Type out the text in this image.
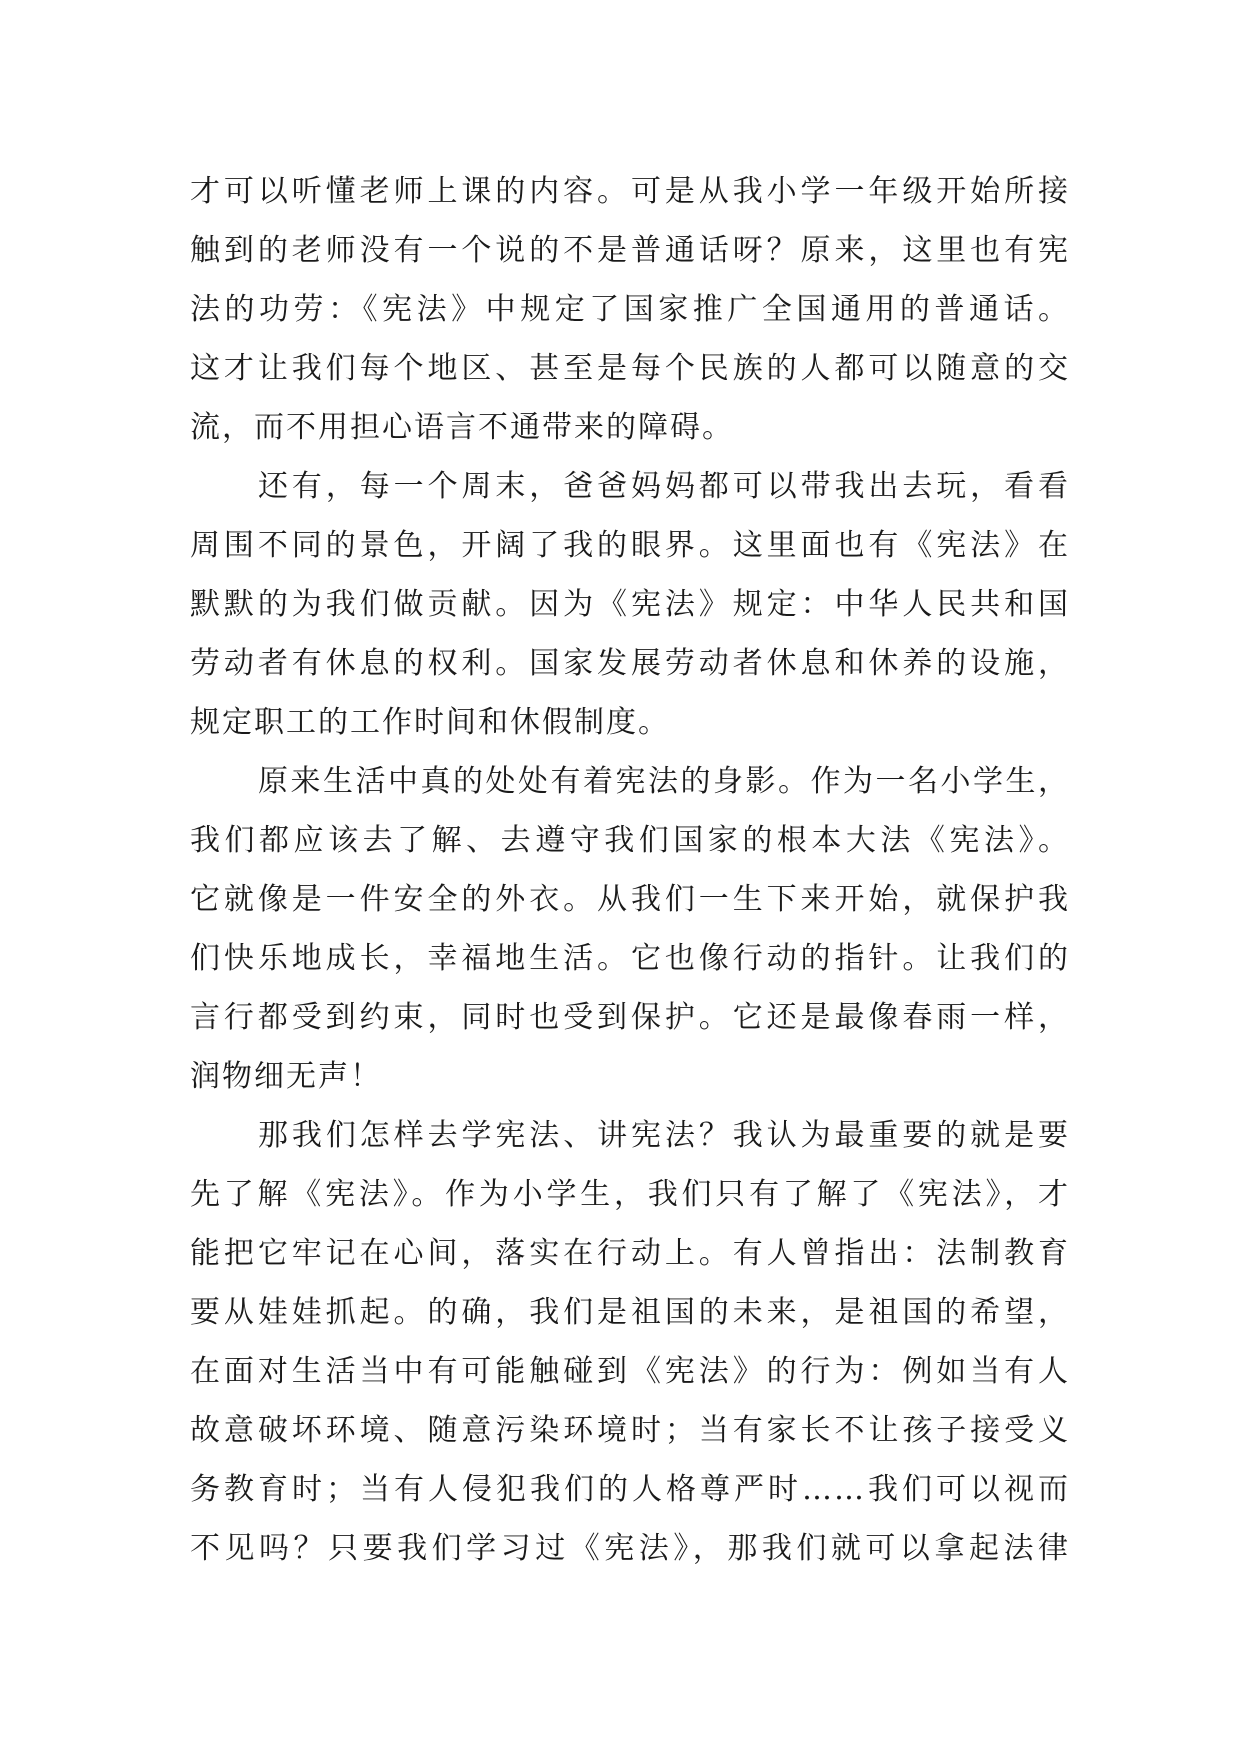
才可以听懂老师上课的内容。可是从我小学一年级开始所接
触到的老师没有一个说的不是普通话呀？原来，这里也有宪
法的功劳：《宪法》中规定了国家推广全国通用的普通话。
这才让我们每个地区、甚至是每个民族的人都可以随意的交
流，而不用担心语言不通带来的障碍。
还有，每一个周末，爸爸妈妈都可以带我出去玩，看看
周围不同的景色，开阔了我的眼界。这里面也有《宪法》在
默默的为我们做贡献。因为《宪法》规定：中华人民共和国
劳动者有休息的权利。国家发展劳动者休息和休养的设施，
规定职工的工作时间和休假制度。
原来生活中真的处处有着宪法的身影。作为一名小学生，
我们都应该去了解、去遵守我们国家的根本大法《宪法》。
它就像是一件安全的外衣。从我们一生下来开始，就保护我
们快乐地成长，幸福地生活。它也像行动的指针。让我们的
言行都受到约束，同时也受到保护。它还是最像春雨一样，
润物细无声！
那我们怎样去学宪法、讲宪法？我认为最重要的就是要
先了解《宪法》。作为小学生，我们只有了解了《宪法》，才
能把它牢记在心间，落实在行动上。有人曾指出：法制教育
要从娃娃抓起。的确，我们是祖国的未来，是祖国的希望，
在面对生活当中有可能触碰到《宪法》的行为：例如当有人
故意破坏环境、随意污染环境时；当有家长不让孩子接受义
务教育时；当有人侵犯我们的人格尊严时……我们可以视而
不见吗？只要我们学习过《宪法》，那我们就可以拿起法律
